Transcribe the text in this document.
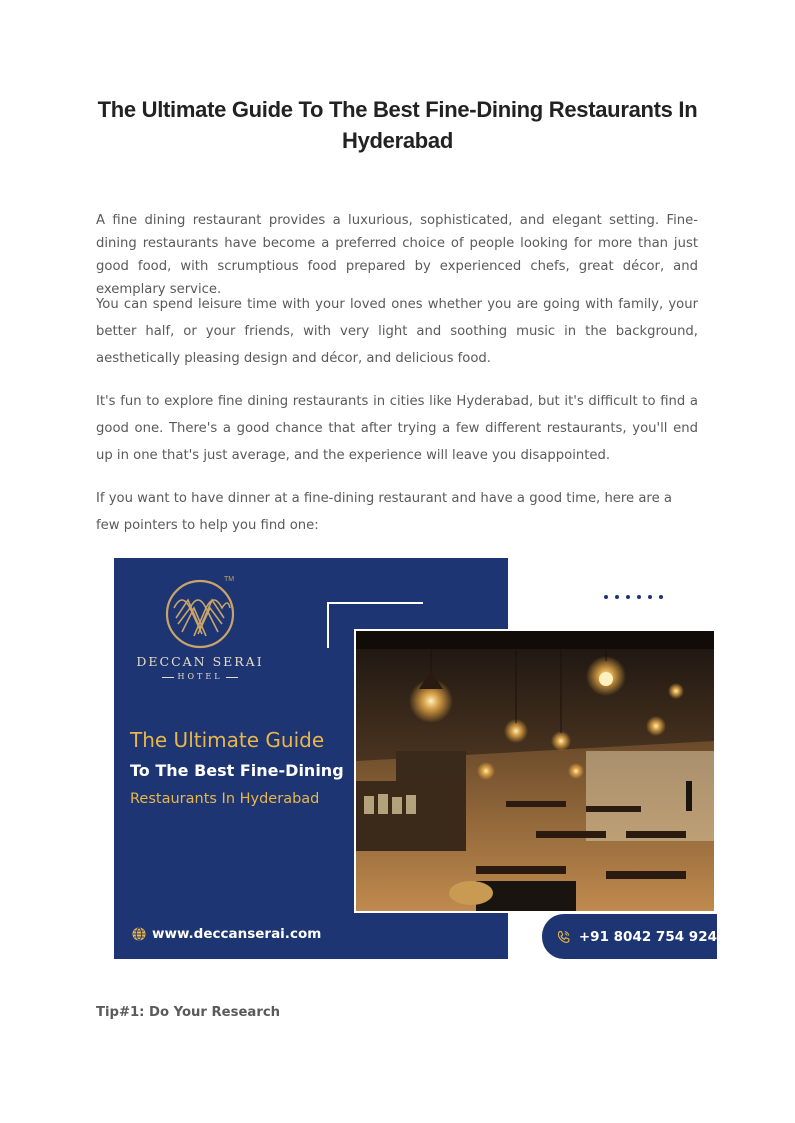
The Ultimate Guide To The Best Fine-Dining Restaurants In Hyderabad

A fine dining restaurant provides a luxurious, sophisticated, and elegant setting. Fine-dining restaurants have become a preferred choice of people looking for more than just good food, with scrumptious food prepared by experienced chefs, great décor, and exemplary service.

You can spend leisure time with your loved ones whether you are going with family, your better half, or your friends, with very light and soothing music in the background, aesthetically pleasing design and décor, and delicious food.

It's fun to explore fine dining restaurants in cities like Hyderabad, but it's difficult to find a good one. There's a good chance that after trying a few different restaurants, you'll end up in one that's just average, and the experience will leave you disappointed.

If you want to have dinner at a fine-dining restaurant and have a good time, here are a few pointers to help you find one:

TM
DECCAN SERAI
HOTEL
The Ultimate Guide
To The Best Fine-Dining
Restaurants In Hyderabad
www.deccanserai.com	+91 8042 754 924
Tip#1: Do Your Research
